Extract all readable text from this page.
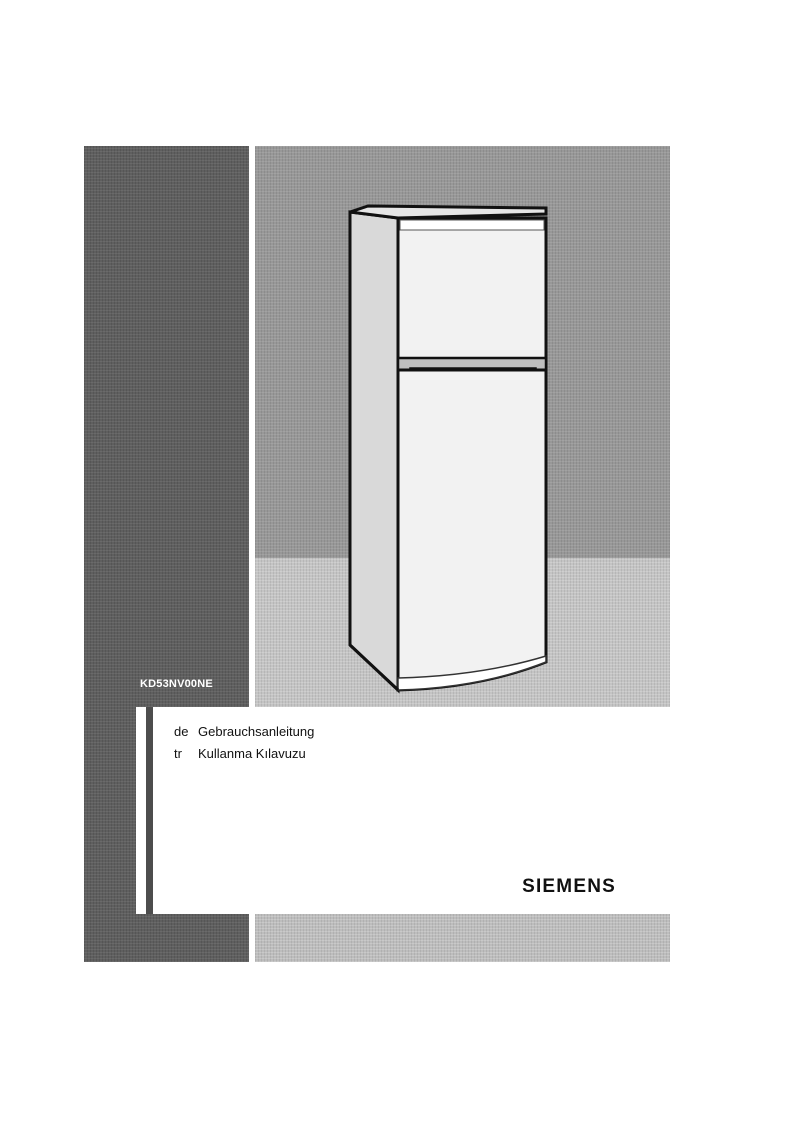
KD53NV00NE
de Gebrauchsanleitung
tr	Kullanma Kılavuzu
SIEMENS
